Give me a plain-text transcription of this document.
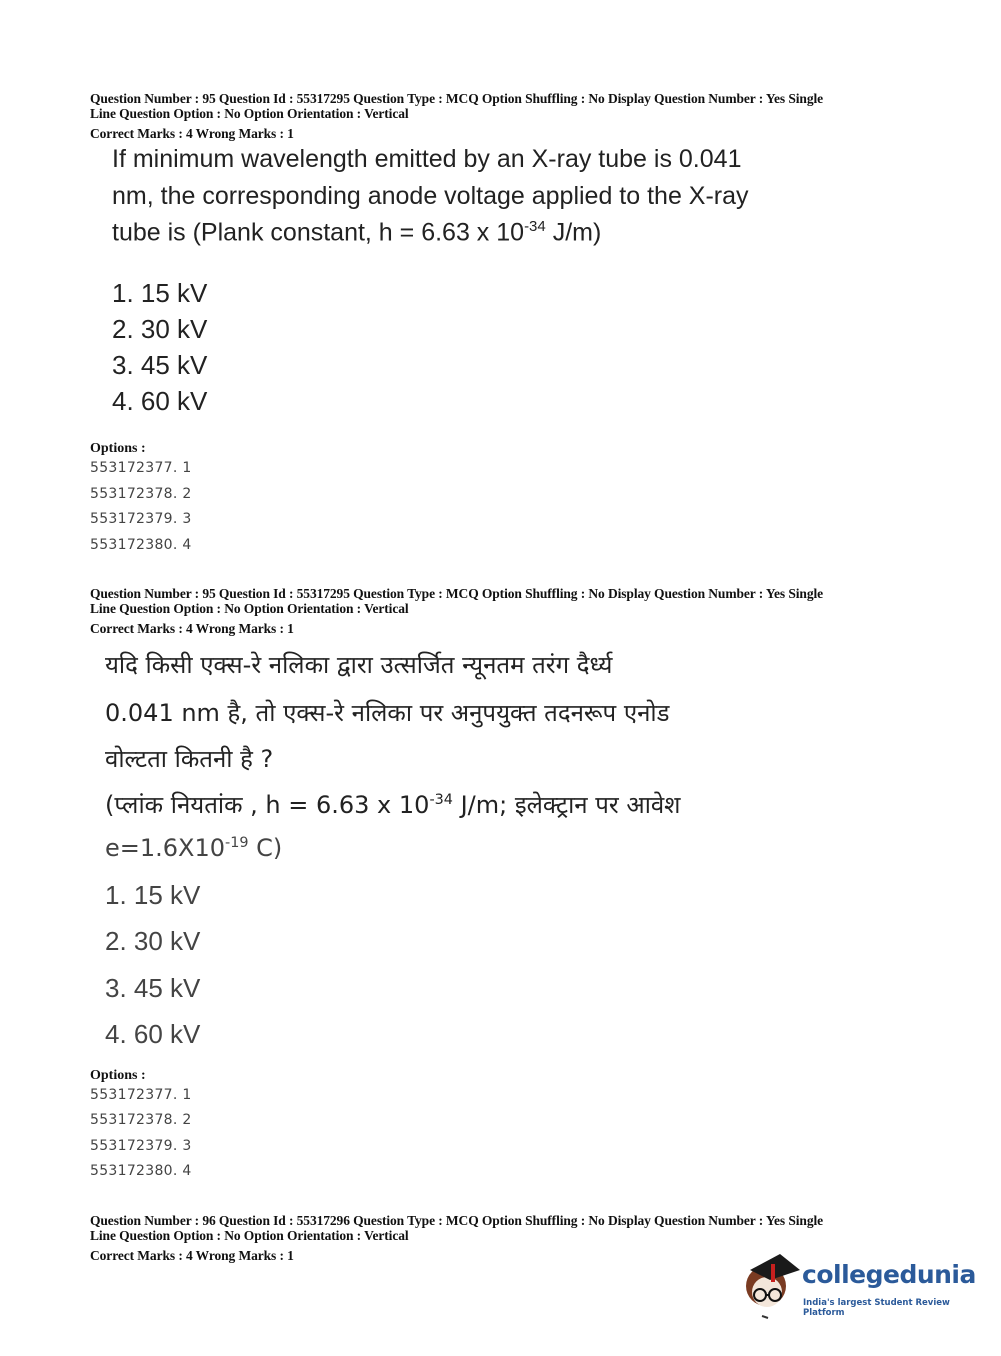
Question Number : 95 Question Id : 55317295 Question Type : MCQ Option Shuffling : No Display Question Number : Yes Single
Line Question Option : No Option Orientation : Vertical
Correct Marks : 4 Wrong Marks : 1
If minimum wavelength emitted by an X-ray tube is 0.041
nm, the corresponding anode voltage applied to the X-ray
tube is (Plank constant, h = 6.63 x $10^{-34}$ J/m)
1. 15 kV
2. 30 kV
3. 45 kV
4. 60 kV
Options :
553172377. 1
553172378. 2
553172379. 3
553172380. 4
Question Number : 95 Question Id : 55317295 Question Type : MCQ Option Shuffling : No Display Question Number : Yes Single
Line Question Option : No Option Orientation : Vertical
Correct Marks : 4 Wrong Marks : 1
यदि किसी एक्स-रे नलिका द्वारा उत्सर्जित न्यूनतम तरंग दैर्ध्य
0.041 nm है, तो एक्स-रे नलिका पर अनुपयुक्त तदनरूप एनोड
वोल्टता कितनी है ?
(प्लांक नियतांक , h = 6.63 x $10^{-34}$ J/m; इलेक्ट्रान पर आवेश
$e=1.6X10^{-19}$ C)
1. 15 kV
2. 30 kV
3. 45 kV
4. 60 kV
Options :
553172377. 1
553172378. 2
553172379. 3
553172380. 4
Question Number : 96 Question Id : 55317296 Question Type : MCQ Option Shuffling : No Display Question Number : Yes Single
Line Question Option : No Option Orientation : Vertical
Correct Marks : 4 Wrong Marks : 1
collegedunia
India's largest Student Review Platform
